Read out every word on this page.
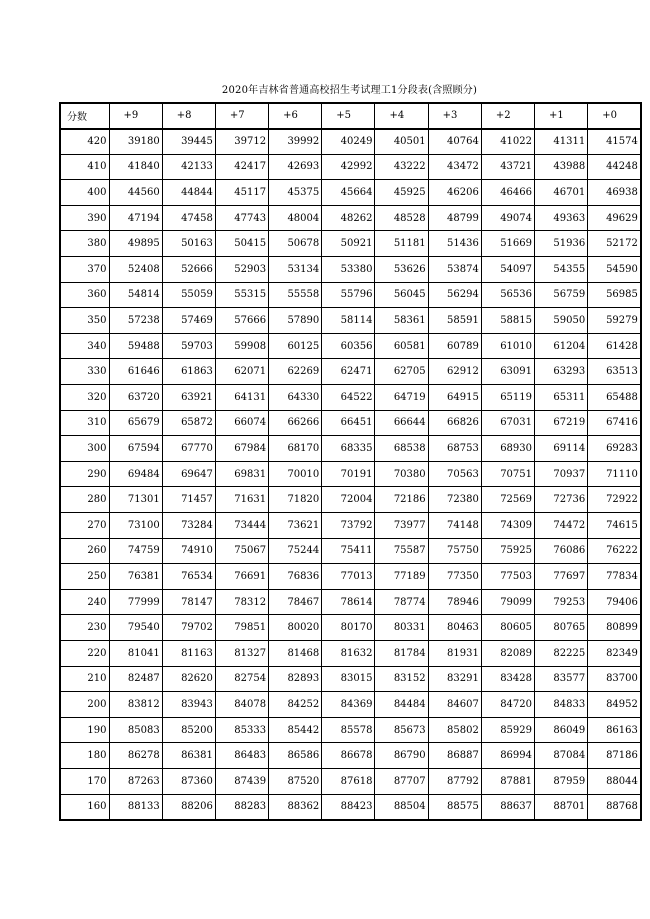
2020年吉林省普通高校招生考试理工1分段表(含照顾分)
分数	+9	+8	+7	+6	+5	+4	+3	+2	+1	+0
420	39180	39445	39712	39992	40249	40501	40764	41022	41311	41574
410	41840	42133	42417	42693	42992	43222	43472	43721	43988	44248
400	44560	44844	45117	45375	45664	45925	46206	46466	46701	46938
390	47194	47458	47743	48004	48262	48528	48799	49074	49363	49629
380	49895	50163	50415	50678	50921	51181	51436	51669	51936	52172
370	52408	52666	52903	53134	53380	53626	53874	54097	54355	54590
360	54814	55059	55315	55558	55796	56045	56294	56536	56759	56985
350	57238	57469	57666	57890	58114	58361	58591	58815	59050	59279
340	59488	59703	59908	60125	60356	60581	60789	61010	61204	61428
330	61646	61863	62071	62269	62471	62705	62912	63091	63293	63513
320	63720	63921	64131	64330	64522	64719	64915	65119	65311	65488
310	65679	65872	66074	66266	66451	66644	66826	67031	67219	67416
300	67594	67770	67984	68170	68335	68538	68753	68930	69114	69283
290	69484	69647	69831	70010	70191	70380	70563	70751	70937	71110
280	71301	71457	71631	71820	72004	72186	72380	72569	72736	72922
270	73100	73284	73444	73621	73792	73977	74148	74309	74472	74615
260	74759	74910	75067	75244	75411	75587	75750	75925	76086	76222
250	76381	76534	76691	76836	77013	77189	77350	77503	77697	77834
240	77999	78147	78312	78467	78614	78774	78946	79099	79253	79406
230	79540	79702	79851	80020	80170	80331	80463	80605	80765	80899
220	81041	81163	81327	81468	81632	81784	81931	82089	82225	82349
210	82487	82620	82754	82893	83015	83152	83291	83428	83577	83700
200	83812	83943	84078	84252	84369	84484	84607	84720	84833	84952
190	85083	85200	85333	85442	85578	85673	85802	85929	86049	86163
180	86278	86381	86483	86586	86678	86790	86887	86994	87084	87186
170	87263	87360	87439	87520	87618	87707	87792	87881	87959	88044
160	88133	88206	88283	88362	88423	88504	88575	88637	88701	88768
